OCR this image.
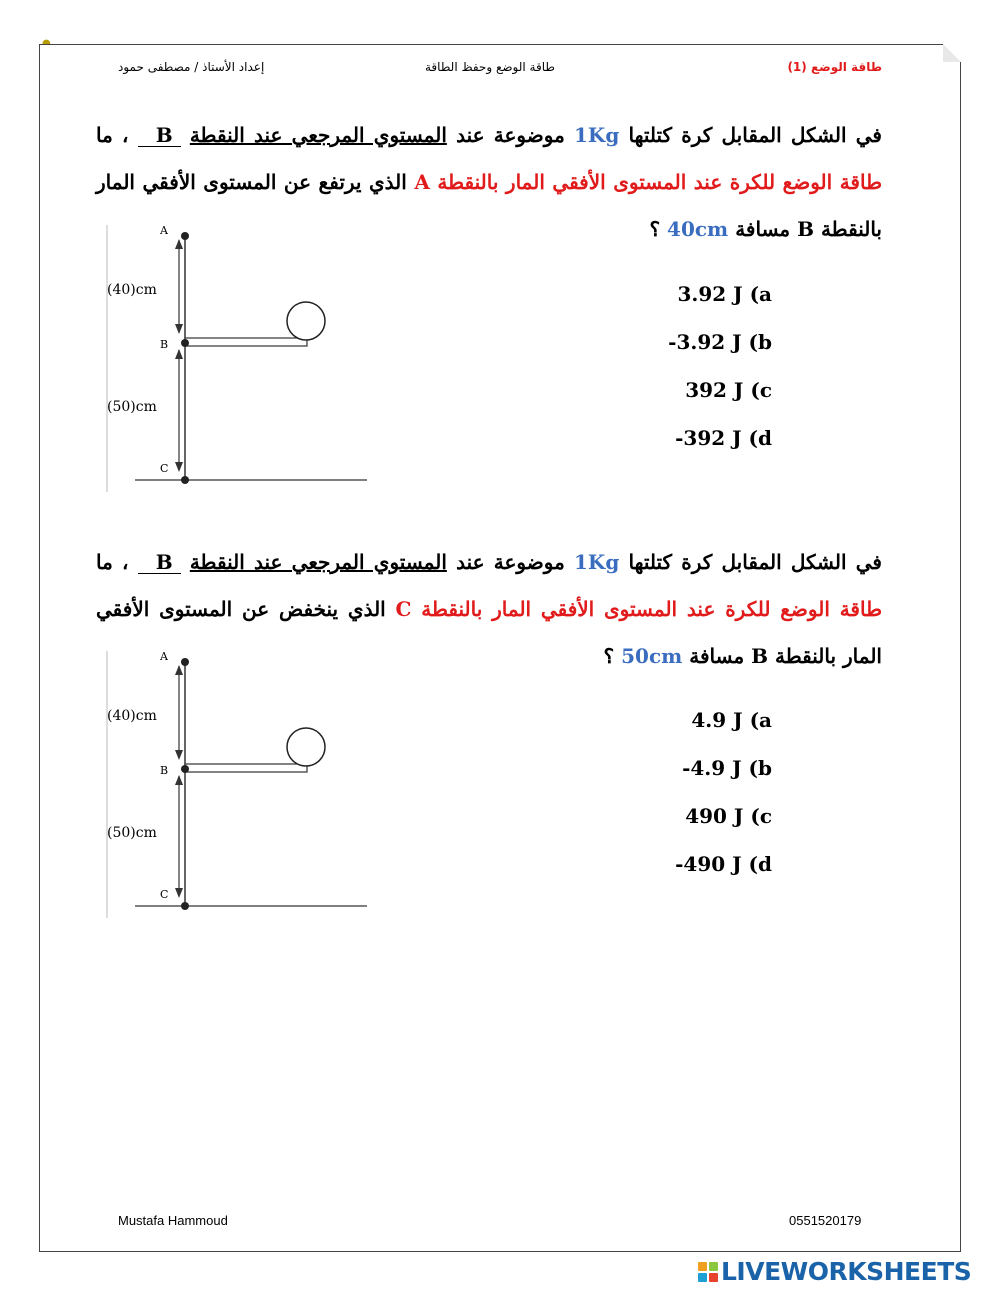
طاقة الوضع (1)
طاقة الوضع وحفظ الطاقة
إعداد الأستاذ / مصطفى حمود
في الشكل المقابل كرة كتلتها 1Kg موضوعة عند المستوي المرجعي عند النقطة B ، ما طاقة الوضع للكرة عند المستوى الأفقي المار بالنقطة A الذي يرتفع عن المستوى الأفقي المار بالنقطة B مسافة 40cm ؟
3.92 J (a
-3.92 J (b
392 J (c
-392 J (d
A
B
C
(40)cm
(50)cm
في الشكل المقابل كرة كتلتها 1Kg موضوعة عند المستوي المرجعي عند النقطة B ، ما طاقة الوضع للكرة عند المستوى الأفقي المار بالنقطة C الذي ينخفض عن المستوى الأفقي المار بالنقطة B مسافة 50cm ؟
4.9 J (a
-4.9 J (b
490 J (c
-490 J (d
A
B
C
(40)cm
(50)cm
Mustafa Hammoud	0551520179
LIVEWORKSHEETS
